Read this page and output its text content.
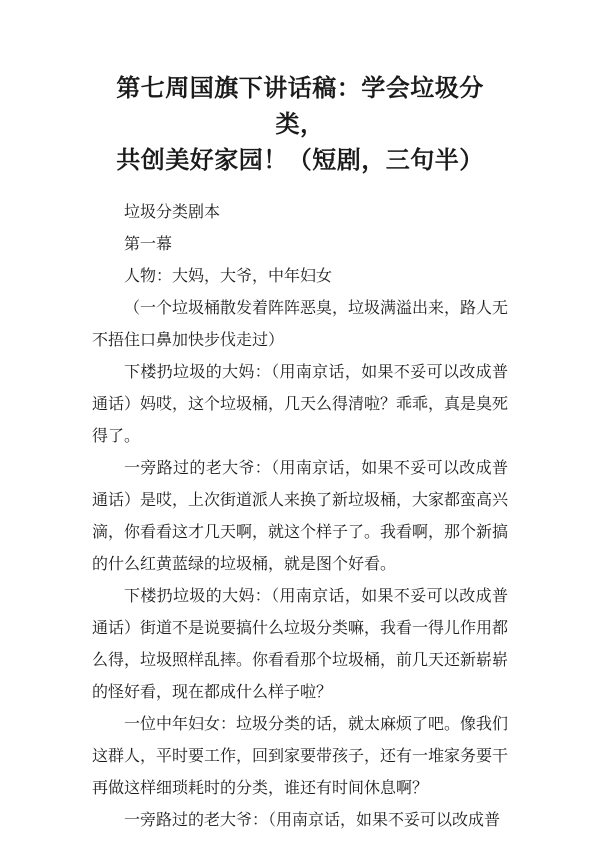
第七周国旗下讲话稿：学会垃圾分类，
共创美好家园！（短剧，三句半）

垃圾分类剧本

第一幕

人物：大妈，大爷，中年妇女

（一个垃圾桶散发着阵阵恶臭，垃圾满溢出来，路人无不捂住口鼻加快步伐走过）

下楼扔垃圾的大妈：（用南京话，如果不妥可以改成普通话）妈哎，这个垃圾桶，几天么得清啦？乖乖，真是臭死得了。

一旁路过的老大爷：（用南京话，如果不妥可以改成普通话）是哎，上次街道派人来换了新垃圾桶，大家都蛮高兴滴，你看看这才几天啊，就这个样子了。我看啊，那个新搞的什么红黄蓝绿的垃圾桶，就是图个好看。

下楼扔垃圾的大妈：（用南京话，如果不妥可以改成普通话）街道不是说要搞什么垃圾分类嘛，我看一得儿作用都么得，垃圾照样乱摔。你看看那个垃圾桶，前几天还新崭崭的怪好看，现在都成什么样子啦？

一位中年妇女：垃圾分类的话，就太麻烦了吧。像我们这群人，平时要工作，回到家要带孩子，还有一堆家务要干再做这样细琐耗时的分类，谁还有时间休息啊？

一旁路过的老大爷：（用南京话，如果不妥可以改成普
